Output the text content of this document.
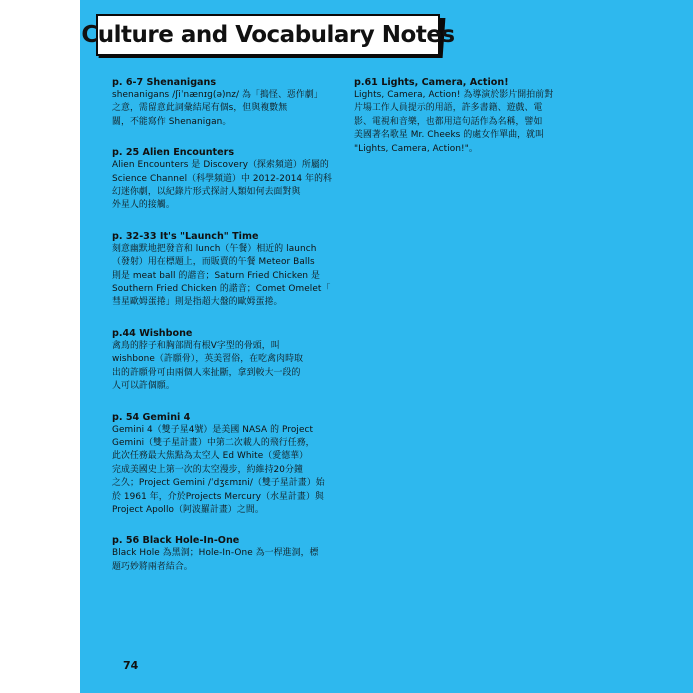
Culture and Vocabulary Notes
p. 6-7 Shenanigans
shenanigans /ʃiˈnænɪɡ(ə)nz/ 為「搗怪、惡作劇」
之意，需留意此詞彙結尾有個s，但與複數無
關，不能寫作 Shenanigan。
p. 25 Alien Encounters
Alien Encounters 是 Discovery（探索頻道）所屬的
Science Channel（科學頻道）中 2012-2014 年的科
幻迷你劇，以紀錄片形式探討人類如何去面對與
外星人的接觸。
p. 32-33 It's "Launch" Time
刻意幽默地把發音和 lunch（午餐）相近的 launch
（發射）用在標題上，而販賣的午餐 Meteor Balls
則是 meat ball 的諧音；Saturn Fried Chicken 是
Southern Fried Chicken 的諧音；Comet Omelet「
彗星歐姆蛋捲」則是指超大盤的歐姆蛋捲。
p.44 Wishbone
禽鳥的脖子和胸部間有根V字型的骨頭，叫
wishbone（許願骨），英美習俗，在吃禽肉時取
出的許願骨可由兩個人來扯斷，拿到較大一段的
人可以許個願。
p. 54 Gemini 4
Gemini 4（雙子星4號）是美國 NASA 的 Project
Gemini（雙子星計畫）中第二次載人的飛行任務，
此次任務最大焦點為太空人 Ed White（愛德華）
完成美國史上第一次的太空漫步，約維持20分鐘
之久；Project Gemini /ˈdʒɛmɪni/（雙子星計畫）始
於 1961 年，介於Projects Mercury（水星計畫）與
Project Apollo（阿波羅計畫）之間。
p. 56 Black Hole-In-One
Black Hole 為黑洞；Hole-In-One 為一桿進洞，標
題巧妙將兩者結合。
p.61 Lights, Camera, Action!
Lights, Camera, Action! 為導演於影片開拍前對
片場工作人員提示的用語，許多書籍、遊戲、電
影、電視和音樂，也都用這句話作為名稱，譬如
美國著名歌星 Mr. Cheeks 的處女作單曲，就叫
"Lights, Camera, Action!"。
74
